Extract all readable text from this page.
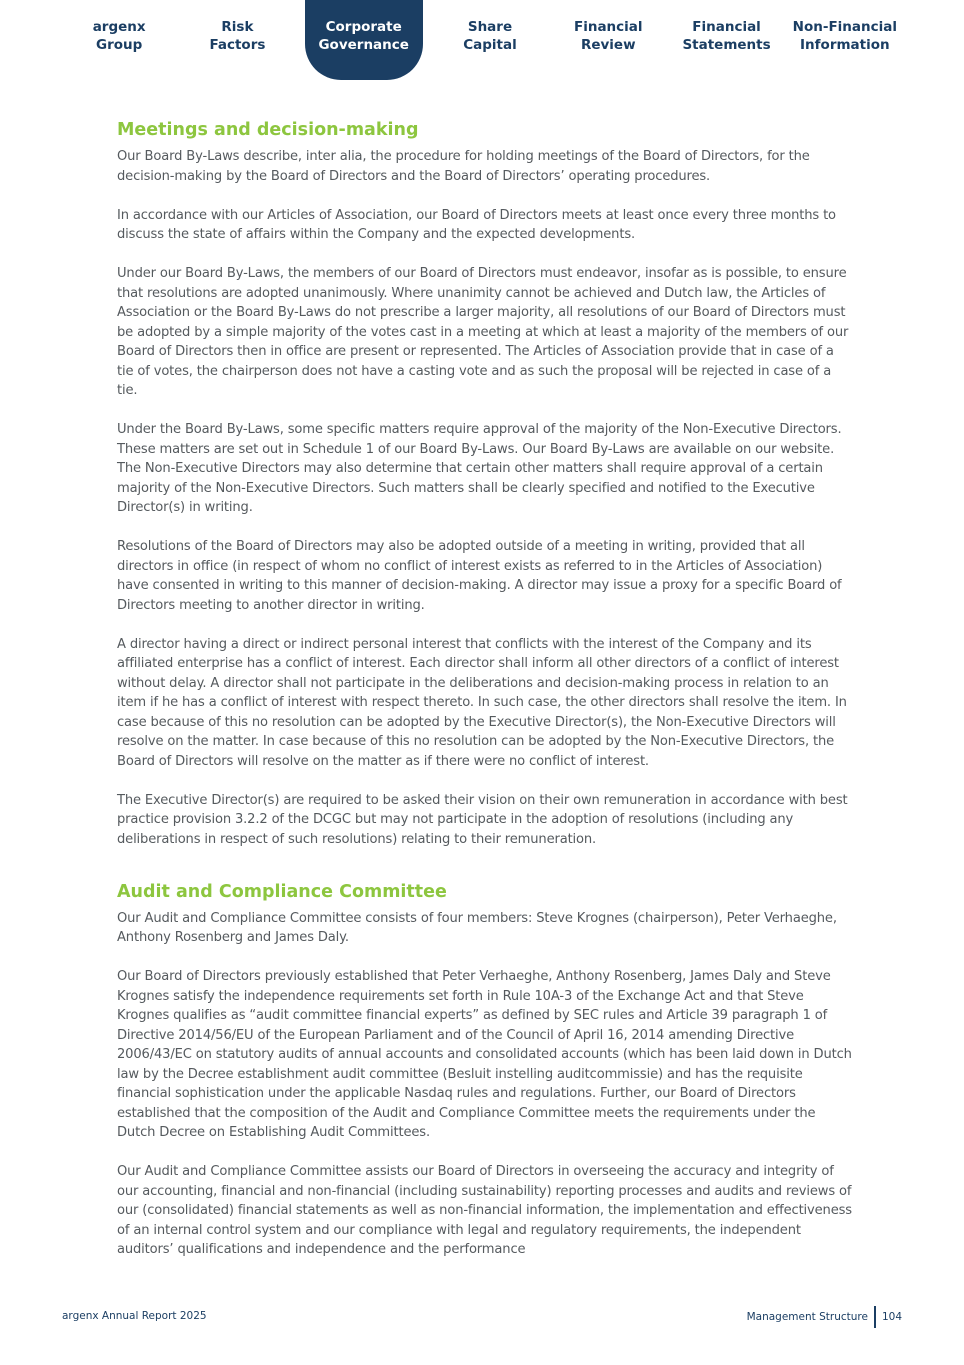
argenx
Group
Risk
Factors
Corporate
Governance
Share
Capital
Financial
Review
Financial
Statements
Non-Financial
Information
Meetings and decision-making

Our Board By-Laws describe, inter alia, the procedure for holding meetings of the Board of Directors, for the decision-making by the Board of Directors and the Board of Directors’ operating procedures.

In accordance with our Articles of Association, our Board of Directors meets at least once every three months to discuss the state of affairs within the Company and the expected developments.

Under our Board By-Laws, the members of our Board of Directors must endeavor, insofar as is possible, to ensure that resolutions are adopted unanimously. Where unanimity cannot be achieved and Dutch law, the Articles of Association or the Board By-Laws do not prescribe a larger majority, all resolutions of our Board of Directors must be adopted by a simple majority of the votes cast in a meeting at which at least a majority of the members of our Board of Directors then in office are present or represented. The Articles of Association provide that in case of a tie of votes, the chairperson does not have a casting vote and as such the proposal will be rejected in case of a tie.

Under the Board By-Laws, some specific matters require approval of the majority of the Non-Executive Directors. These matters are set out in Schedule 1 of our Board By-Laws. Our Board By-Laws are available on our website. The Non-Executive Directors may also determine that certain other matters shall require approval of a certain majority of the Non-Executive Directors. Such matters shall be clearly specified and notified to the Executive Director(s) in writing.

Resolutions of the Board of Directors may also be adopted outside of a meeting in writing, provided that all directors in office (in respect of whom no conflict of interest exists as referred to in the Articles of Association) have consented in writing to this manner of decision-making. A director may issue a proxy for a specific Board of Directors meeting to another director in writing.

A director having a direct or indirect personal interest that conflicts with the interest of the Company and its affiliated enterprise has a conflict of interest. Each director shall inform all other directors of a conflict of interest without delay. A director shall not participate in the deliberations and decision-making process in relation to an item if he has a conflict of interest with respect thereto. In such case, the other directors shall resolve the item. In case because of this no resolution can be adopted by the Executive Director(s), the Non-Executive Directors will resolve on the matter. In case because of this no resolution can be adopted by the Non-Executive Directors, the Board of Directors will resolve on the matter as if there were no conflict of interest.

The Executive Director(s) are required to be asked their vision on their own remuneration in accordance with best practice provision 3.2.2 of the DCGC but may not participate in the adoption of resolutions (including any deliberations in respect of such resolutions) relating to their remuneration.

Audit and Compliance Committee

Our Audit and Compliance Committee consists of four members: Steve Krognes (chairperson), Peter Verhaeghe, Anthony Rosenberg and James Daly.

Our Board of Directors previously established that Peter Verhaeghe, Anthony Rosenberg, James Daly and Steve Krognes satisfy the independence requirements set forth in Rule 10A-3 of the Exchange Act and that Steve Krognes qualifies as “audit committee financial experts” as defined by SEC rules and Article 39 paragraph 1 of Directive 2014/56/EU of the European Parliament and of the Council of April 16, 2014 amending Directive 2006/43/EC on statutory audits of annual accounts and consolidated accounts (which has been laid down in Dutch law by the Decree establishment audit committee (Besluit instelling auditcommissie) and has the requisite financial sophistication under the applicable Nasdaq rules and regulations. Further, our Board of Directors established that the composition of the Audit and Compliance Committee meets the requirements under the Dutch Decree on Establishing Audit Committees.

Our Audit and Compliance Committee assists our Board of Directors in overseeing the accuracy and integrity of our accounting, financial and non-financial (including sustainability) reporting processes and audits and reviews of our (consolidated) financial statements as well as non-financial information, the implementation and effectiveness of an internal control system and our compliance with legal and regulatory requirements, the independent auditors’ qualifications and independence and the performance

argenx Annual Report 2025	Management Structure 104
